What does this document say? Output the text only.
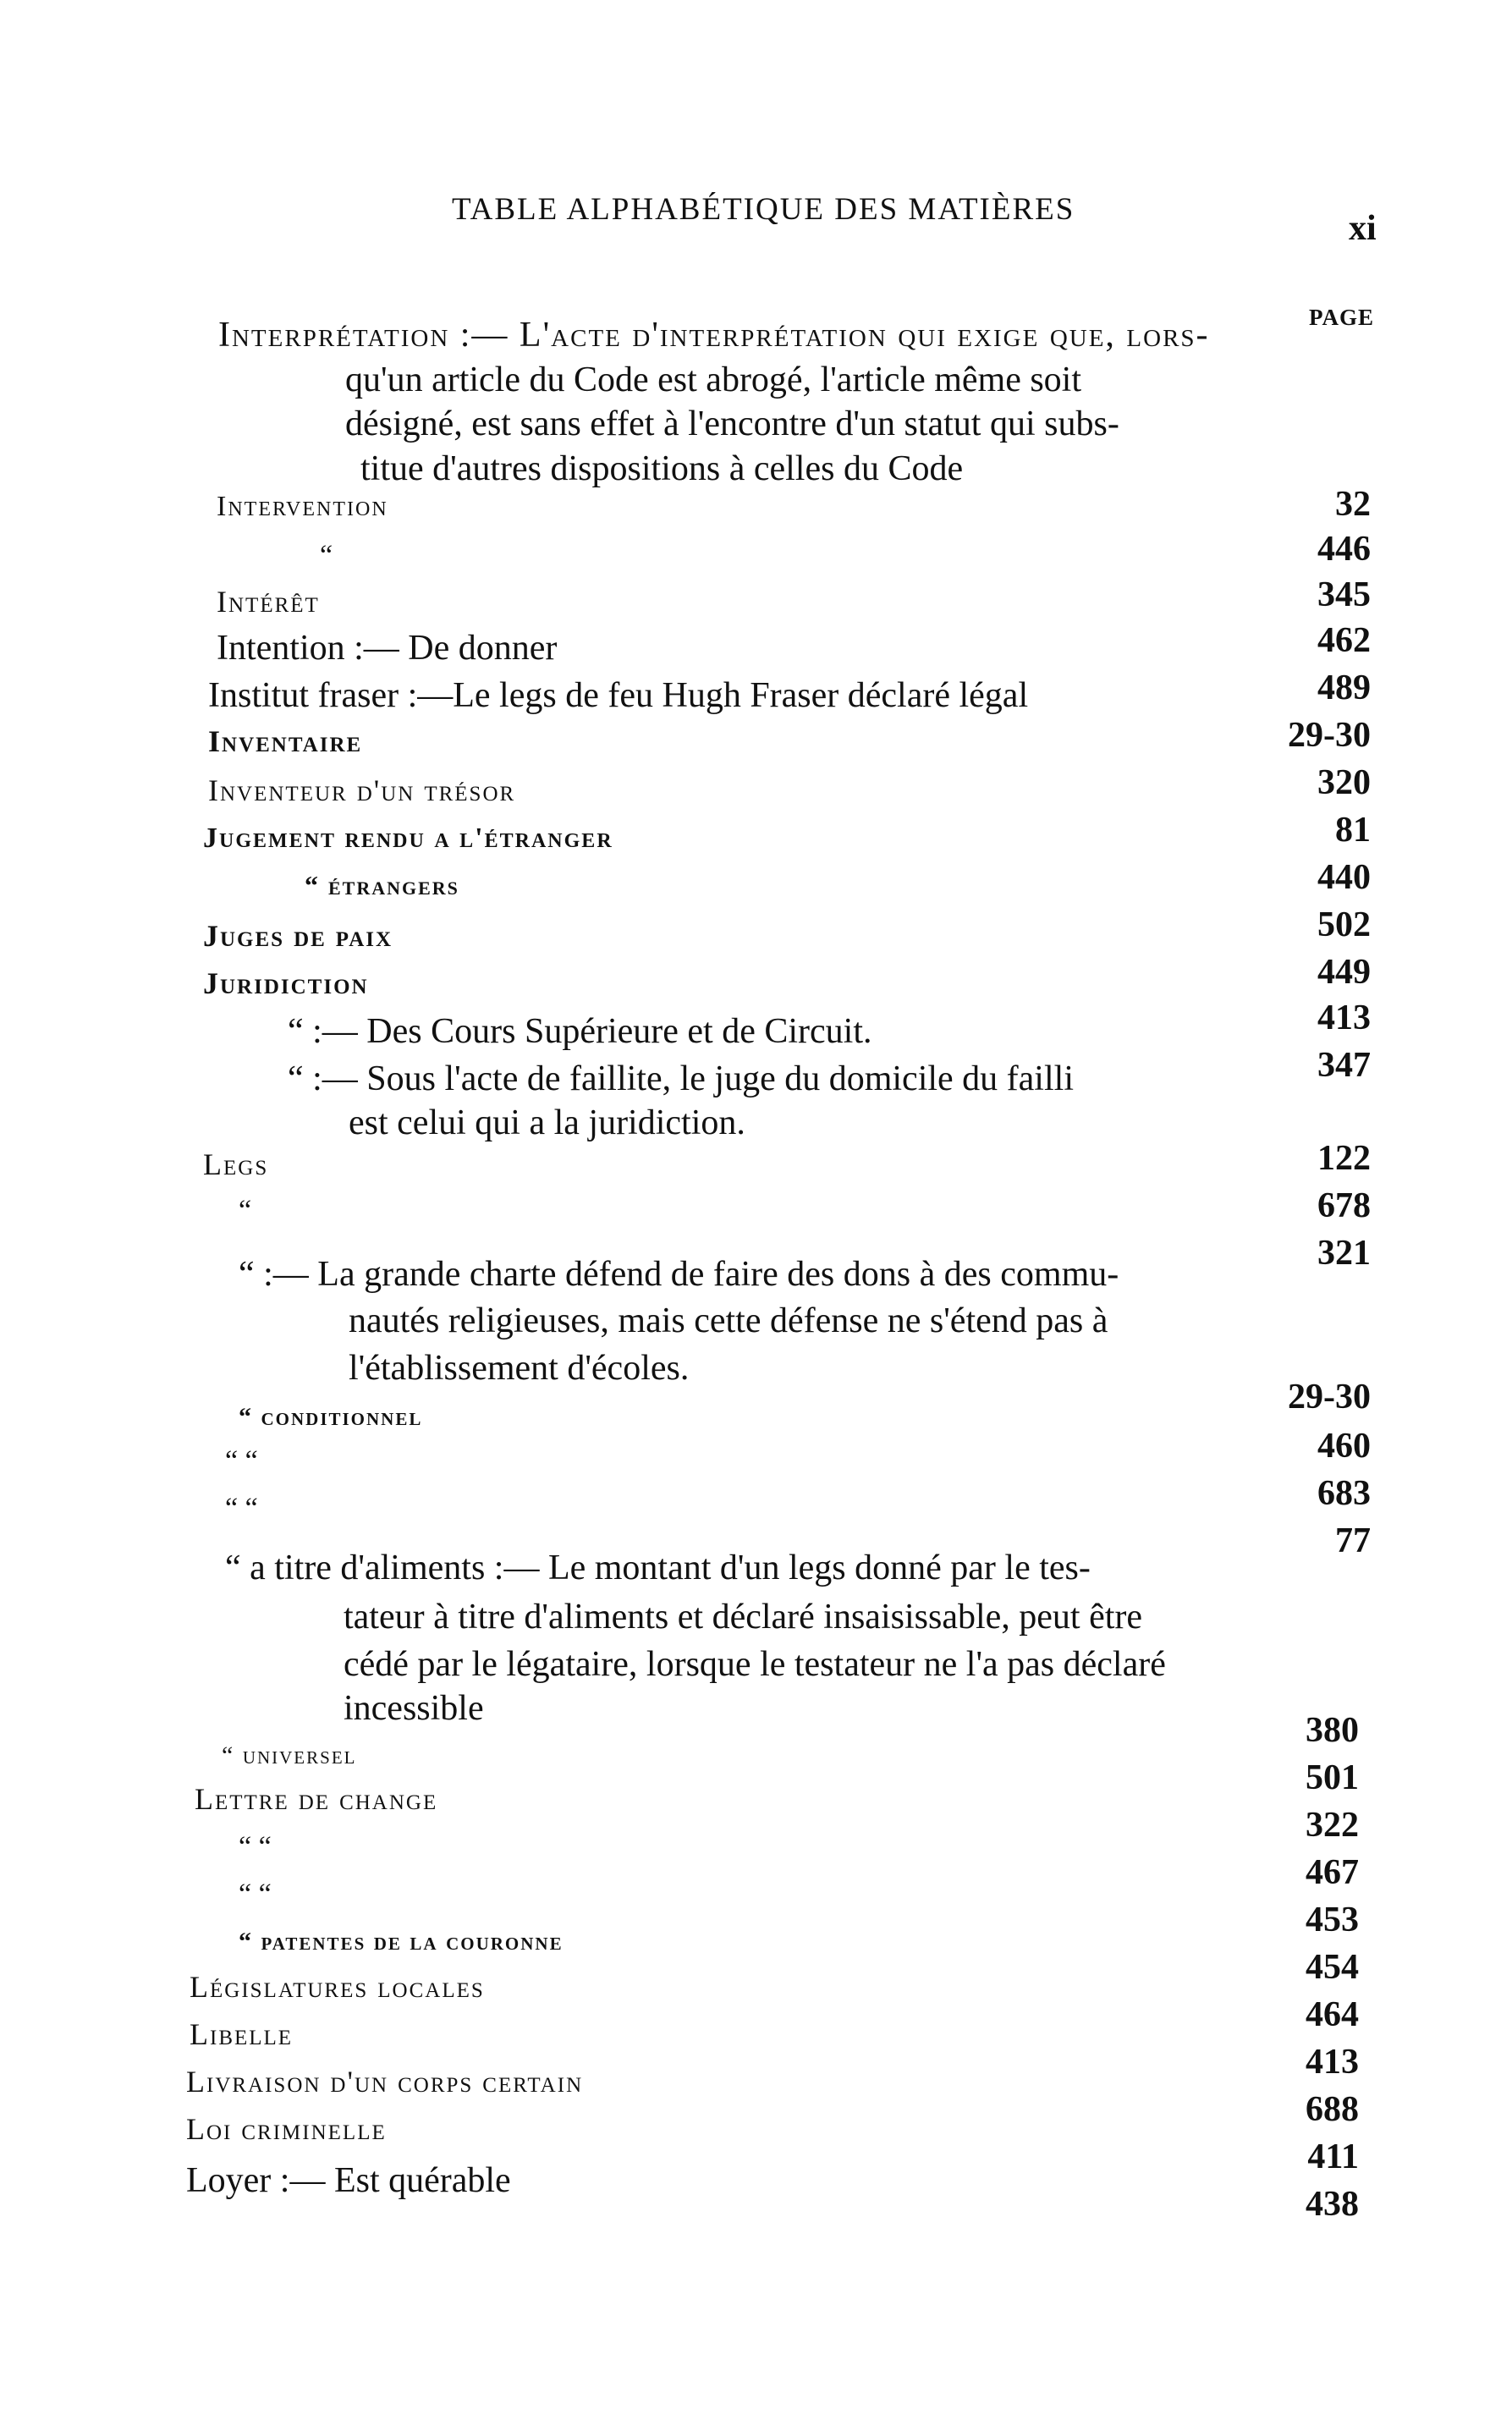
TABLE ALPHABÉTIQUE DES MATIÈRES	xi
PAGE
Interprétation :— L'acte d'interprétation qui exige que, lors-
qu'un article du Code est abrogé, l'article même soit
désigné, est sans effet à l'encontre d'un statut qui subs-
titue d'autres dispositions à celles du Code
Intervention
“
Intérêt
Intention :— De donner
Institut fraser :—Le legs de feu Hugh Fraser déclaré légal
Inventaire
Inventeur d'un trésor
Jugement rendu a l'étranger
“ étrangers
Juges de paix
Juridiction
“ :— Des Cours Supérieure et de Circuit.
“ :— Sous l'acte de faillite, le juge du domicile du failli
est celui qui a la juridiction.
Legs
“
“ :— La grande charte défend de faire des dons à des commu-
nautés religieuses, mais cette défense ne s'étend pas à
l'établissement d'écoles.
“ conditionnel
“ “
“ “
“ a titre d'aliments :— Le montant d'un legs donné par le tes-
tateur à titre d'aliments et déclaré insaisissable, peut être
cédé par le légataire, lorsque le testateur ne l'a pas déclaré
incessible
“ universel
Lettre de change
“ “
“ “
“ patentes de la couronne
Législatures locales
Libelle
Livraison d'un corps certain
Loi criminelle
Loyer :— Est quérable
32
446
345
462
489
29-30
320
81
440
502
449
413
347
122
678
321
29-30
460
683
77
380
501
322
467
453
454
464
413
688
411
438
